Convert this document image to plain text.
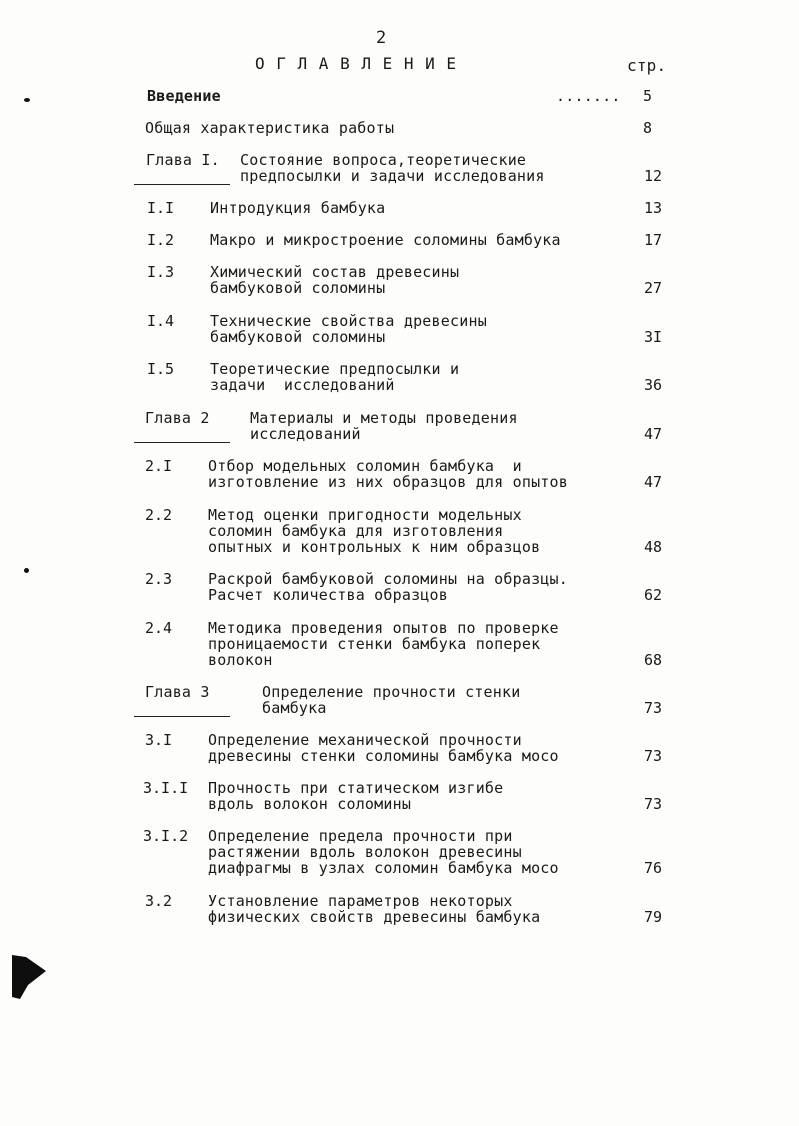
2
О Г Л А В Л Е Н И Е	стр.
Введение	.......	5
Общая характеристика работы	8
Глава I. Состояние вопроса,теоретические
предпосылки и задачи исследования	12
I.I Интродукция бамбука	13
I.2 Макро и микростроение соломины бамбука	17
I.3 Химический состав древесины
бамбуковой соломины	27
I.4 Технические свойства древесины
бамбуковой соломины	3I
I.5 Теоретические предпосылки и
задачи  исследований	36
Глава 2	Материалы и методы проведения
исследований	47
2.I Отбор модельных соломин бамбука  и
изготовление из них образцов для опытов	47
2.2 Метод оценки пригодности модельных
соломин бамбука для изготовления
опытных и контрольных к ним образцов	48
2.3 Раскрой бамбуковой соломины на образцы.
Расчет количества образцов	62
2.4 Методика проведения опытов по проверке
проницаемости стенки бамбука поперек
волокон	68
Глава 3	Определение прочности стенки
бамбука	73
3.I Определение механической прочности
древесины стенки соломины бамбука мосо	73
3.I.I Прочность при статическом изгибе
вдоль волокон соломины	73
3.I.2 Определение предела прочности при
растяжении вдоль волокон древесины
диафрагмы в узлах соломин бамбука мосо	76
3.2 Установление параметров некоторых
физических свойств древесины бамбука	79
